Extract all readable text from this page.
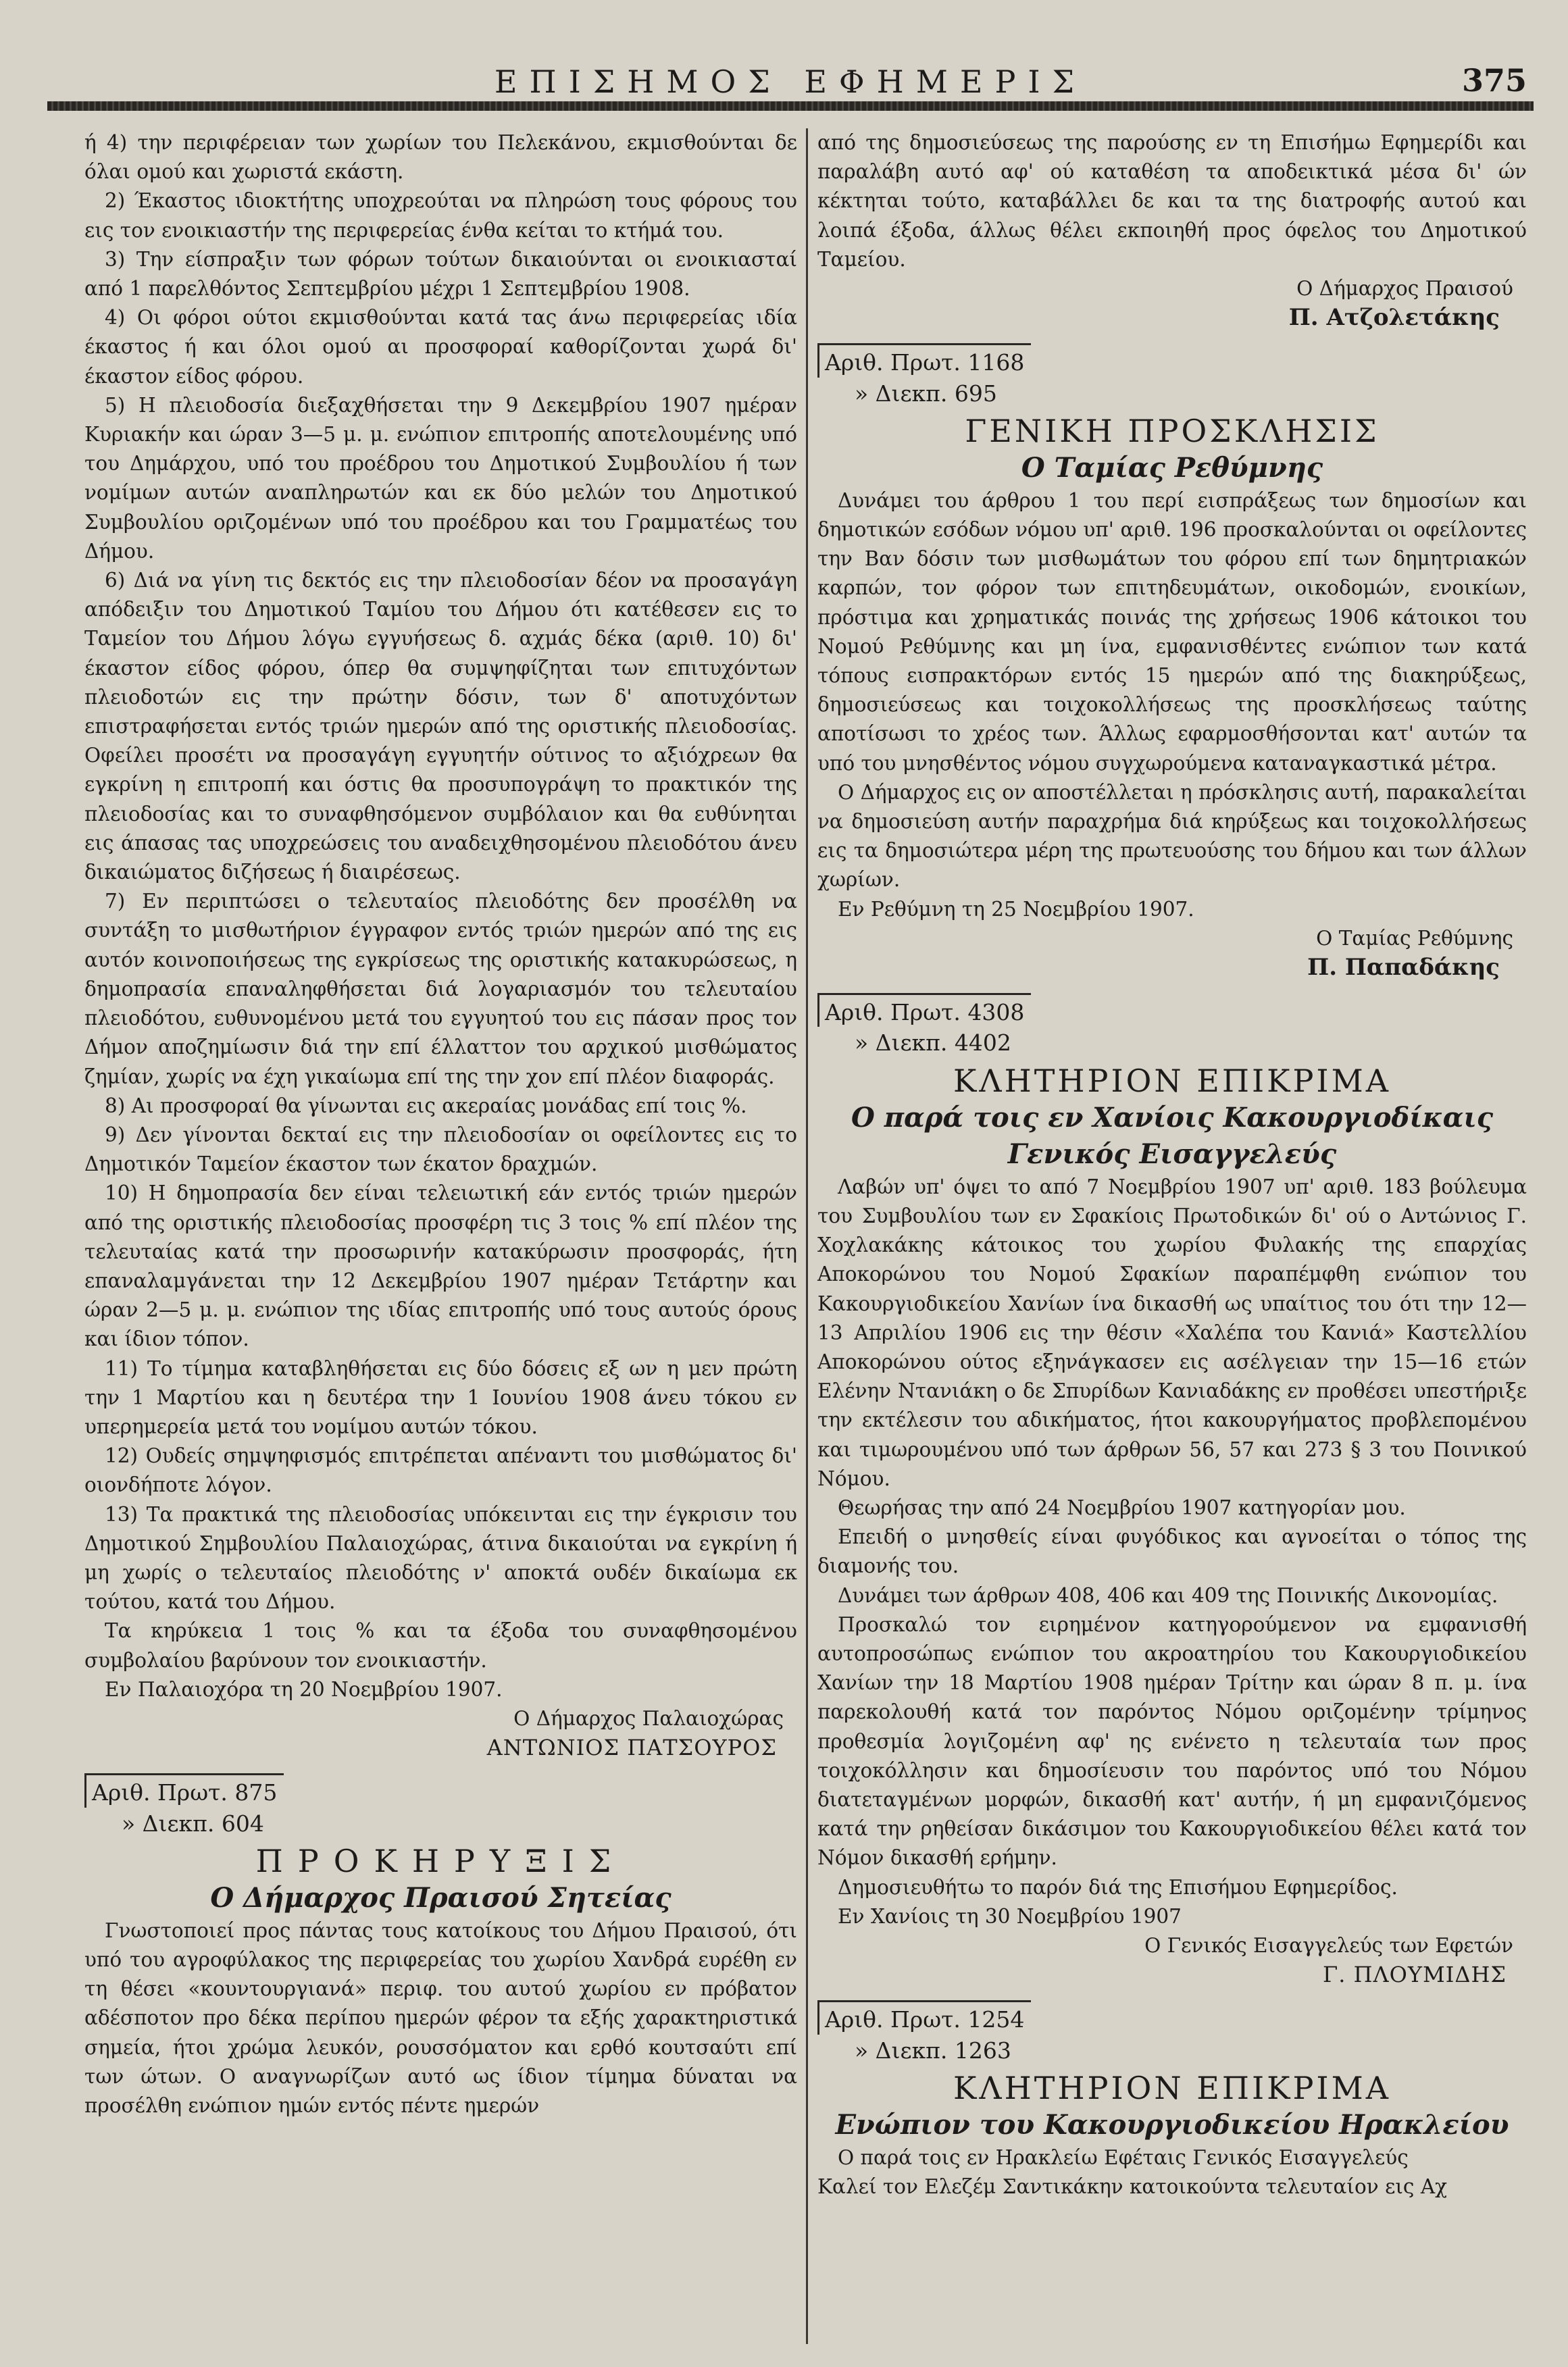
ΕΠΙΣΗΜΟΣ ΕΦΗΜΕΡΙΣ	375

ή 4) την περιφέρειαν των χωρίων του Πελεκάνου, εκμισθούνται δε όλαι ομού και χωριστά εκάστη.

2) Έκαστος ιδιοκτήτης υποχρεούται να πληρώση τους φόρους του εις τον ενοικιαστήν της περιφερείας ένθα κείται το κτήμά του.

3) Την είσπραξιν των φόρων τούτων δικαιούνται οι ενοικιασταί από 1 παρελθόντος Σεπτεμβρίου μέχρι 1 Σεπτεμβρίου 1908.

4) Οι φόροι ούτοι εκμισθούνται κατά τας άνω περιφερείας ιδία έκαστος ή και όλοι ομού αι προσφοραί καθορίζονται χωρά δι' έκαστον είδος φόρου.

5) Η πλειοδοσία διεξαχθήσεται την 9 Δεκεμβρίου 1907 ημέραν Κυριακήν και ώραν 3—5 μ. μ. ενώπιον επιτροπής αποτελουμένης υπό του Δημάρχου, υπό του προέδρου του Δημοτικού Συμβουλίου ή των νομίμων αυτών αναπληρωτών και εκ δύο μελών του Δημοτικού Συμβουλίου οριζομένων υπό του προέδρου και του Γραμματέως του Δήμου.

6) Διά να γίνη τις δεκτός εις την πλειοδοσίαν δέον να προσαγάγη απόδειξιν του Δημοτικού Ταμίου του Δήμου ότι κατέθεσεν εις το Ταμείον του Δήμου λόγω εγγυήσεως δ. αχμάς δέκα (αριθ. 10) δι' έκαστον είδος φόρου, όπερ θα συμψηφίζηται των επιτυχόντων πλειοδοτών εις την πρώτην δόσιν, των δ' αποτυχόντων επιστραφήσεται εντός τριών ημερών από της οριστικής πλειοδοσίας. Οφείλει προσέτι να προσαγάγη εγγυητήν ούτινος το αξιόχρεων θα εγκρίνη η επιτροπή και όστις θα προσυπογράψη το πρακτικόν της πλειοδοσίας και το συναφθησόμενον συμβόλαιον και θα ευθύνηται εις άπασας τας υποχρεώσεις του αναδειχθησομένου πλειοδότου άνευ δικαιώματος διζήσεως ή διαιρέσεως.

7) Εν περιπτώσει ο τελευταίος πλειοδότης δεν προσέλθη να συντάξη το μισθωτήριον έγγραφον εντός τριών ημερών από της εις αυτόν κοινοποιήσεως της εγκρίσεως της οριστικής κατακυρώσεως, η δημοπρασία επαναληφθήσεται διά λογαριασμόν του τελευταίου πλειοδότου, ευθυνομένου μετά του εγγυητού του εις πάσαν προς τον Δήμον αποζημίωσιν διά την επί έλλαττον του αρχικού μισθώματος ζημίαν, χωρίς να έχη γικαίωμα επί της την χον επί πλέον διαφοράς.

8) Αι προσφοραί θα γίνωνται εις ακεραίας μονάδας επί τοις %.

9) Δεν γίνονται δεκταί εις την πλειοδοσίαν οι οφείλοντες εις το Δημοτικόν Ταμείον έκαστον των έκατον δραχμών.

10) Η δημοπρασία δεν είναι τελειωτική εάν εντός τριών ημερών από της οριστικής πλειοδοσίας προσφέρη τις 3 τοις % επί πλέον της τελευταίας κατά την προσωρινήν κατακύρωσιν προσφοράς, ήτη επαναλαμγάνεται την 12 Δεκεμβρίου 1907 ημέραν Τετάρτην και ώραν 2—5 μ. μ. ενώπιον της ιδίας επιτροπής υπό τους αυτούς όρους και ίδιον τόπον.

11) Το τίμημα καταβληθήσεται εις δύο δόσεις εξ ων η μεν πρώτη την 1 Μαρτίου και η δευτέρα την 1 Ιουνίου 1908 άνευ τόκου εν υπερημερεία μετά του νομίμου αυτών τόκου.

12) Ουδείς σημψηφισμός επιτρέπεται απέναντι του μισθώματος δι' οιονδήποτε λόγον.

13) Τα πρακτικά της πλειοδοσίας υπόκεινται εις την έγκρισιν του Δημοτικού Σημβουλίου Παλαιοχώρας, άτινα δικαιούται να εγκρίνη ή μη χωρίς ο τελευταίος πλειοδότης ν' αποκτά ουδέν δικαίωμα εκ τούτου, κατά του Δήμου.

Τα κηρύκεια 1 τοις % και τα έξοδα του συναφθησομένου συμβολαίου βαρύνουν τον ενοικιαστήν.

Εν Παλαιοχόρα τη 20 Νοεμβρίου 1907.

Ο Δήμαρχος Παλαιοχώρας

ΑΝΤΩΝΙΟΣ ΠΑΤΣΟΥΡΟΣ

Αριθ. Πρωτ. 875
» Διεκπ. 604

ΠΡΟΚΗΡΥΞΙΣ

Ο Δήμαρχος Πραισού Σητείας

Γνωστοποιεί προς πάντας τους κατοίκους του Δήμου Πραισού, ότι υπό του αγροφύλακος της περιφερείας του χωρίου Χανδρά ευρέθη εν τη θέσει «κουντουργιανά» περιφ. του αυτού χωρίου εν πρόβατον αδέσποτον προ δέκα περίπου ημερών φέρον τα εξής χαρακτηριστικά σημεία, ήτοι χρώμα λευκόν, ρουσσόματον και ερθό κουτσαύτι επί των ώτων. Ο αναγνωρίζων αυτό ως ίδιον τίμημα δύναται να προσέλθη ενώπιον ημών εντός πέντε ημερών

από της δημοσιεύσεως της παρούσης εν τη Επισήμω Εφημερίδι και παραλάβη αυτό αφ' ού καταθέση τα αποδεικτικά μέσα δι' ών κέκτηται τούτο, καταβάλλει δε και τα της διατροφής αυτού και λοιπά έξοδα, άλλως θέλει εκποιηθή προς όφελος του Δημοτικού Ταμείου.

Ο Δήμαρχος Πραισού

Π. Ατζολετάκης

Αριθ. Πρωτ. 1168
» Διεκπ. 695

ΓΕΝΙΚΗ ΠΡΟΣΚΛΗΣΙΣ

Ο Ταμίας Ρεθύμνης

Δυνάμει του άρθρου 1 του περί εισπράξεως των δημοσίων και δημοτικών εσόδων νόμου υπ' αριθ. 196 προσκαλούνται οι οφείλοντες την Βαν δόσιν των μισθωμάτων του φόρου επί των δημητριακών καρπών, τον φόρον των επιτηδευμάτων, οικοδομών, ενοικίων, πρόστιμα και χρηματικάς ποινάς της χρήσεως 1906 κάτοικοι του Νομού Ρεθύμνης και μη ίνα, εμφανισθέντες ενώπιον των κατά τόπους εισπρακτόρων εντός 15 ημερών από της διακηρύξεως, δημοσιεύσεως και τοιχοκολλήσεως της προσκλήσεως ταύτης αποτίσωσι το χρέος των. Άλλως εφαρμοσθήσονται κατ' αυτών τα υπό του μνησθέντος νόμου συγχωρούμενα καταναγκαστικά μέτρα.

Ο Δήμαρχος εις ον αποστέλλεται η πρόσκλησις αυτή, παρακαλείται να δημοσιεύση αυτήν παραχρήμα διά κηρύξεως και τοιχοκολλήσεως εις τα δημοσιώτερα μέρη της πρωτευούσης του δήμου και των άλλων χωρίων.

Εν Ρεθύμνη τη 25 Νοεμβρίου 1907.

Ο Ταμίας Ρεθύμνης

Π. Παπαδάκης

Αριθ. Πρωτ. 4308
» Διεκπ. 4402

ΚΛΗΤΗΡΙΟΝ ΕΠΙΚΡΙΜΑ

Ο παρά τοις εν Χανίοις Κακουργιοδίκαις

Γενικός Εισαγγελεύς

Λαβών υπ' όψει το από 7 Νοεμβρίου 1907 υπ' αριθ. 183 βούλευμα του Συμβουλίου των εν Σφακίοις Πρωτοδικών δι' ού ο Αντώνιος Γ. Χοχλακάκης κάτοικος του χωρίου Φυλακής της επαρχίας Αποκορώνου του Νομού Σφακίων παραπέμφθη ενώπιον του Κακουργιοδικείου Χανίων ίνα δικασθή ως υπαίτιος του ότι την 12—13 Απριλίου 1906 εις την θέσιν «Χαλέπα του Κανιά» Καστελλίου Αποκορώνου ούτος εξηνάγκασεν εις ασέλγειαν την 15—16 ετών Ελένην Ντανιάκη ο δε Σπυρίδων Κανιαδάκης εν προθέσει υπεστήριξε την εκτέλεσιν του αδικήματος, ήτοι κακουργήματος προβλεπομένου και τιμωρουμένου υπό των άρθρων 56, 57 και 273 § 3 του Ποινικού Νόμου.

Θεωρήσας την από 24 Νοεμβρίου 1907 κατηγορίαν μου.

Επειδή ο μνησθείς είναι φυγόδικος και αγνοείται ο τόπος της διαμονής του.

Δυνάμει των άρθρων 408, 406 και 409 της Ποινικής Δικονομίας.

Προσκαλώ τον ειρημένον κατηγορούμενον να εμφανισθή αυτοπροσώπως ενώπιον του ακροατηρίου του Κακουργιοδικείου Χανίων την 18 Μαρτίου 1908 ημέραν Τρίτην και ώραν 8 π. μ. ίνα παρεκολουθή κατά τον παρόντος Νόμου οριζομένην τρίμηνος προθεσμία λογιζομένη αφ' ης ενένετο η τελευταία των προς τοιχοκόλλησιν και δημοσίευσιν του παρόντος υπό του Νόμου διατεταγμένων μορφών, δικασθή κατ' αυτήν, ή μη εμφανιζόμενος κατά την ρηθείσαν δικάσιμον του Κακουργιοδικείου θέλει κατά τον Νόμον δικασθή ερήμην.

Δημοσιευθήτω το παρόν διά της Επισήμου Εφημερίδος.

Εν Χανίοις τη 30 Νοεμβρίου 1907

Ο Γενικός Εισαγγελεύς των Εφετών

Γ. ΠΛΟΥΜΙΔΗΣ

Αριθ. Πρωτ. 1254
» Διεκπ. 1263

ΚΛΗΤΗΡΙΟΝ ΕΠΙΚΡΙΜΑ

Ενώπιον του Κακουργιοδικείου Ηρακλείου

Ο παρά τοις εν Ηρακλείω Εφέταις Γενικός Εισαγγελεύς

Καλεί τον Ελεζέμ Σαντικάκην κατοικούντα τελευταίον εις Αχ
